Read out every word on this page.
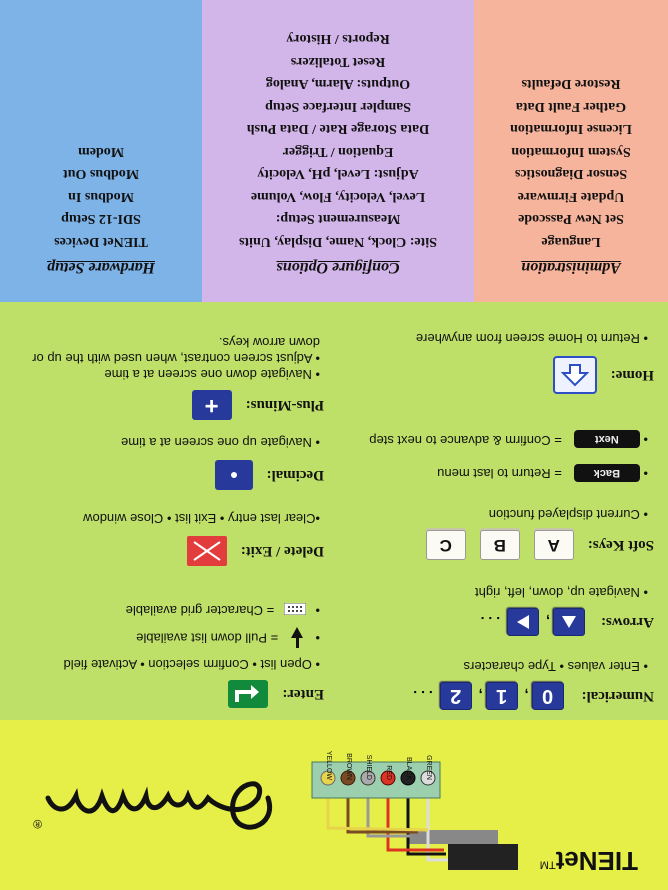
TIENet™
GREEN
BLACK
RED
SHIELD
BROWN
YELLOW
®
Numerical:  0, 1, 2 . . .
• Enter values • Type characters
Arrows:
,
. . .
• Navigate up, down, left, right
Soft Keys: A B C
• Current displayed function
• Back = Return to last menu
• Next = Confirm & advance to next step
Home:
• Return to Home screen from anywhere
Enter:
• Open list • Confirm selection • Activate field
•  = Pull down list available
•  = Character grid available
Delete / Exit:
•Clear last entry • Exit list • Close window
Decimal:
• Navigate up one screen at a time
Plus-Minus: +
• Navigate down one screen at a time
• Adjust screen contrast, when used with the up or down arrow keys.
Administration
Language
Set New Passcode
Update Firmware
Sensor Diagnostics
System Information
License Information
Gather Fault Data
Restore Defaults
Configure Options
Site: Clock, Name, Display, Units
Measurement Setup:
Level, Velocity, Flow, Volume
Adjust: Level, pH, Velocity
Equation / Trigger
Data Storage Rate / Data Push
Sampler Interface Setup
Outputs: Alarm, Analog
Reset Totalizers
Reports / History
Hardware Setup
TIENet Devices
SDI-12 Setup
Modbus In
Modbus Out
Modem
